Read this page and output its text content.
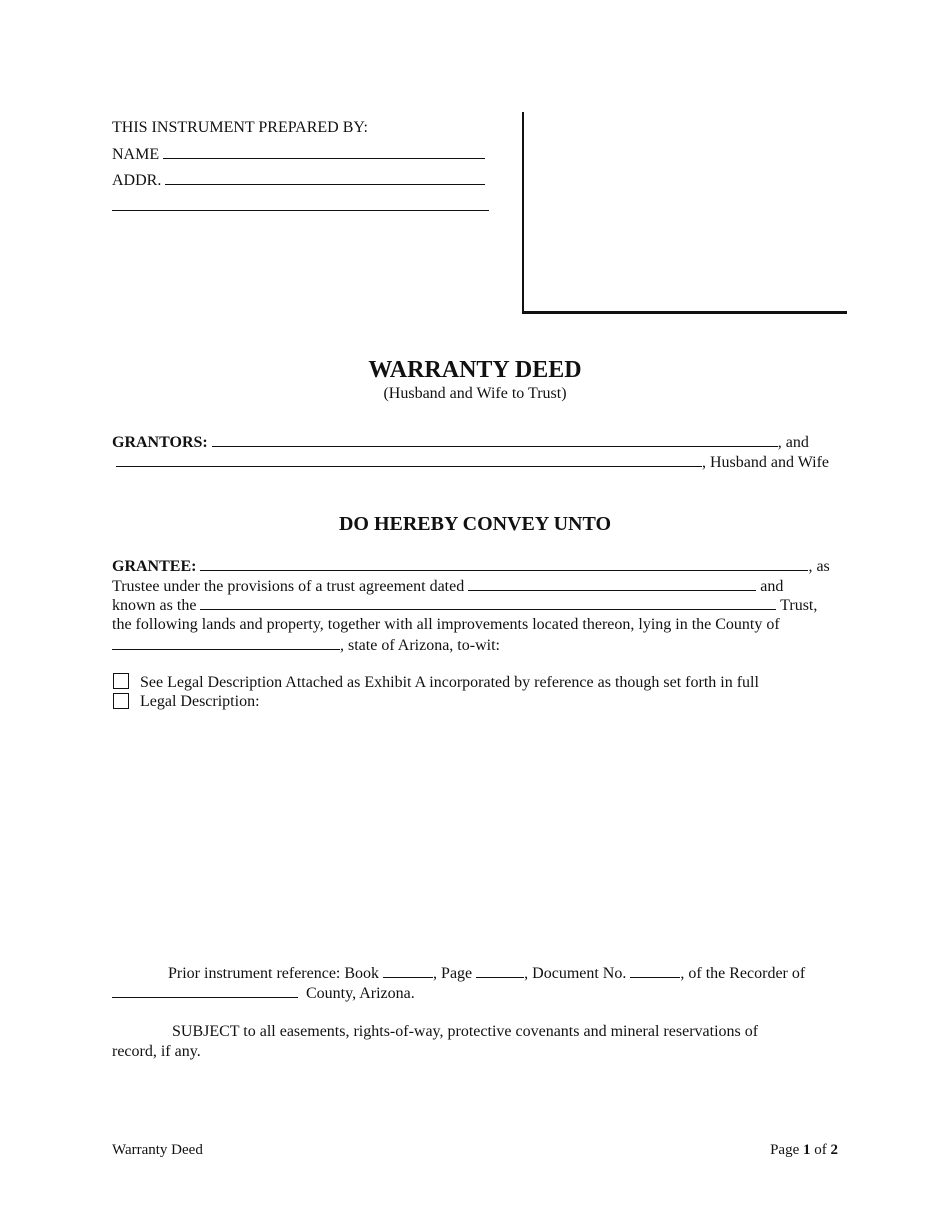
THIS INSTRUMENT PREPARED BY:
NAME
ADDR.
WARRANTY DEED
(Husband and Wife to Trust)
GRANTORS:	, and
, Husband and Wife
DO HEREBY CONVEY UNTO
GRANTEE:	, as
Trustee under the provisions of a trust agreement dated	and
known as the	Trust,
the following lands and property, together with all improvements located thereon, lying in the County of
, state of Arizona, to-wit:
See Legal Description Attached as Exhibit A incorporated by reference as though set forth in full
Legal Description:
Prior instrument reference: Book	, Page	, Document No.	, of the Recorder of
County, Arizona.
SUBJECT to all easements, rights-of-way, protective covenants and mineral reservations of
record, if any.
Warranty Deed	Page 1 of 2
